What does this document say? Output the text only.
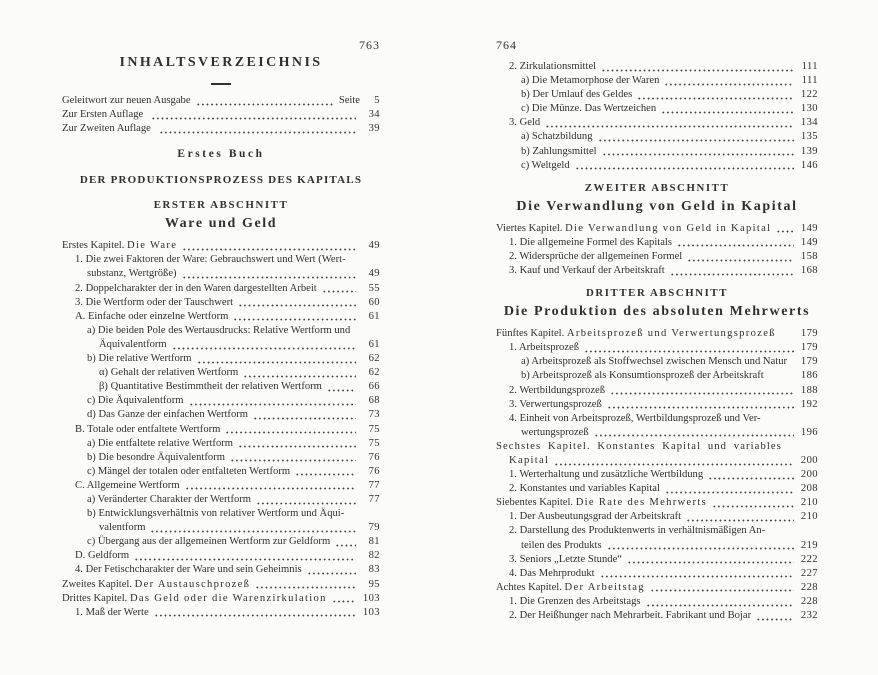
763
INHALTSVERZEICHNIS
Geleitwort zur neuen Ausgabe	Seite	5
Zur Ersten Auflage	34
Zur Zweiten Auflage	39
Erstes Buch
DER PRODUKTIONSPROZESS DES KAPITALS
ERSTER ABSCHNITT
Ware und Geld
Erstes Kapitel. Die Ware	49
1. Die zwei Faktoren der Ware: Gebrauchswert und Wert (Wert-
substanz, Wertgröße)	49
2. Doppelcharakter der in den Waren dargestellten Arbeit	55
3. Die Wertform oder der Tauschwert	60
A. Einfache oder einzelne Wertform	61
a) Die beiden Pole des Wertausdrucks: Relative Wertform und
Äquivalentform	61
b) Die relative Wertform	62
α) Gehalt der relativen Wertform	62
β) Quantitative Bestimmtheit der relativen Wertform	66
c) Die Äquivalentform	68
d) Das Ganze der einfachen Wertform	73
B. Totale oder entfaltete Wertform	75
a) Die entfaltete relative Wertform	75
b) Die besondre Äquivalentform	76
c) Mängel der totalen oder entfalteten Wertform	76
C. Allgemeine Wertform	77
a) Veränderter Charakter der Wertform	77
b) Entwicklungsverhältnis von relativer Wertform und Äqui-
valentform	79
c) Übergang aus der allgemeinen Wertform zur Geldform	81
D. Geldform	82
4. Der Fetischcharakter der Ware und sein Geheimnis	83
Zweites Kapitel. Der Austauschprozeß	95
Drittes Kapitel. Das Geld oder die Warenzirkulation	103
1. Maß der Werte	103
764
2. Zirkulationsmittel	111
a) Die Metamorphose der Waren	111
b) Der Umlauf des Geldes	122
c) Die Münze. Das Wertzeichen	130
3. Geld	134
a) Schatzbildung	135
b) Zahlungsmittel	139
c) Weltgeld	146
ZWEITER ABSCHNITT
Die Verwandlung von Geld in Kapital
Viertes Kapitel. Die Verwandlung von Geld in Kapital	149
1. Die allgemeine Formel des Kapitals	149
2. Widersprüche der allgemeinen Formel	158
3. Kauf und Verkauf der Arbeitskraft	168
DRITTER ABSCHNITT
Die Produktion des absoluten Mehrwerts
Fünftes Kapitel. Arbeitsprozeß und Verwertungsprozeß 179
1. Arbeitsprozeß	179
a) Arbeitsprozeß als Stoffwechsel zwischen Mensch und Natur 179
b) Arbeitsprozeß als Konsumtionsprozeß der Arbeitskraft	186
2. Wertbildungsprozeß	188
3. Verwertungsprozeß	192
4. Einheit von Arbeitsprozeß, Wertbildungsprozeß und Ver-
wertungsprozeß	196
Sechstes Kapitel. Konstantes Kapital und variables
Kapital	200
1. Werterhaltung und zusätzliche Wertbildung	200
2. Konstantes und variables Kapital	208
Siebentes Kapitel. Die Rate des Mehrwerts	210
1. Der Ausbeutungsgrad der Arbeitskraft	210
2. Darstellung des Produktenwerts in verhältnismäßigen An-
teilen des Produkts	219
3. Seniors „Letzte Stunde“	222
4. Das Mehrprodukt	227
Achtes Kapitel. Der Arbeitstag	228
1. Die Grenzen des Arbeitstags	228
2. Der Heißhunger nach Mehrarbeit. Fabrikant und Bojar	232
